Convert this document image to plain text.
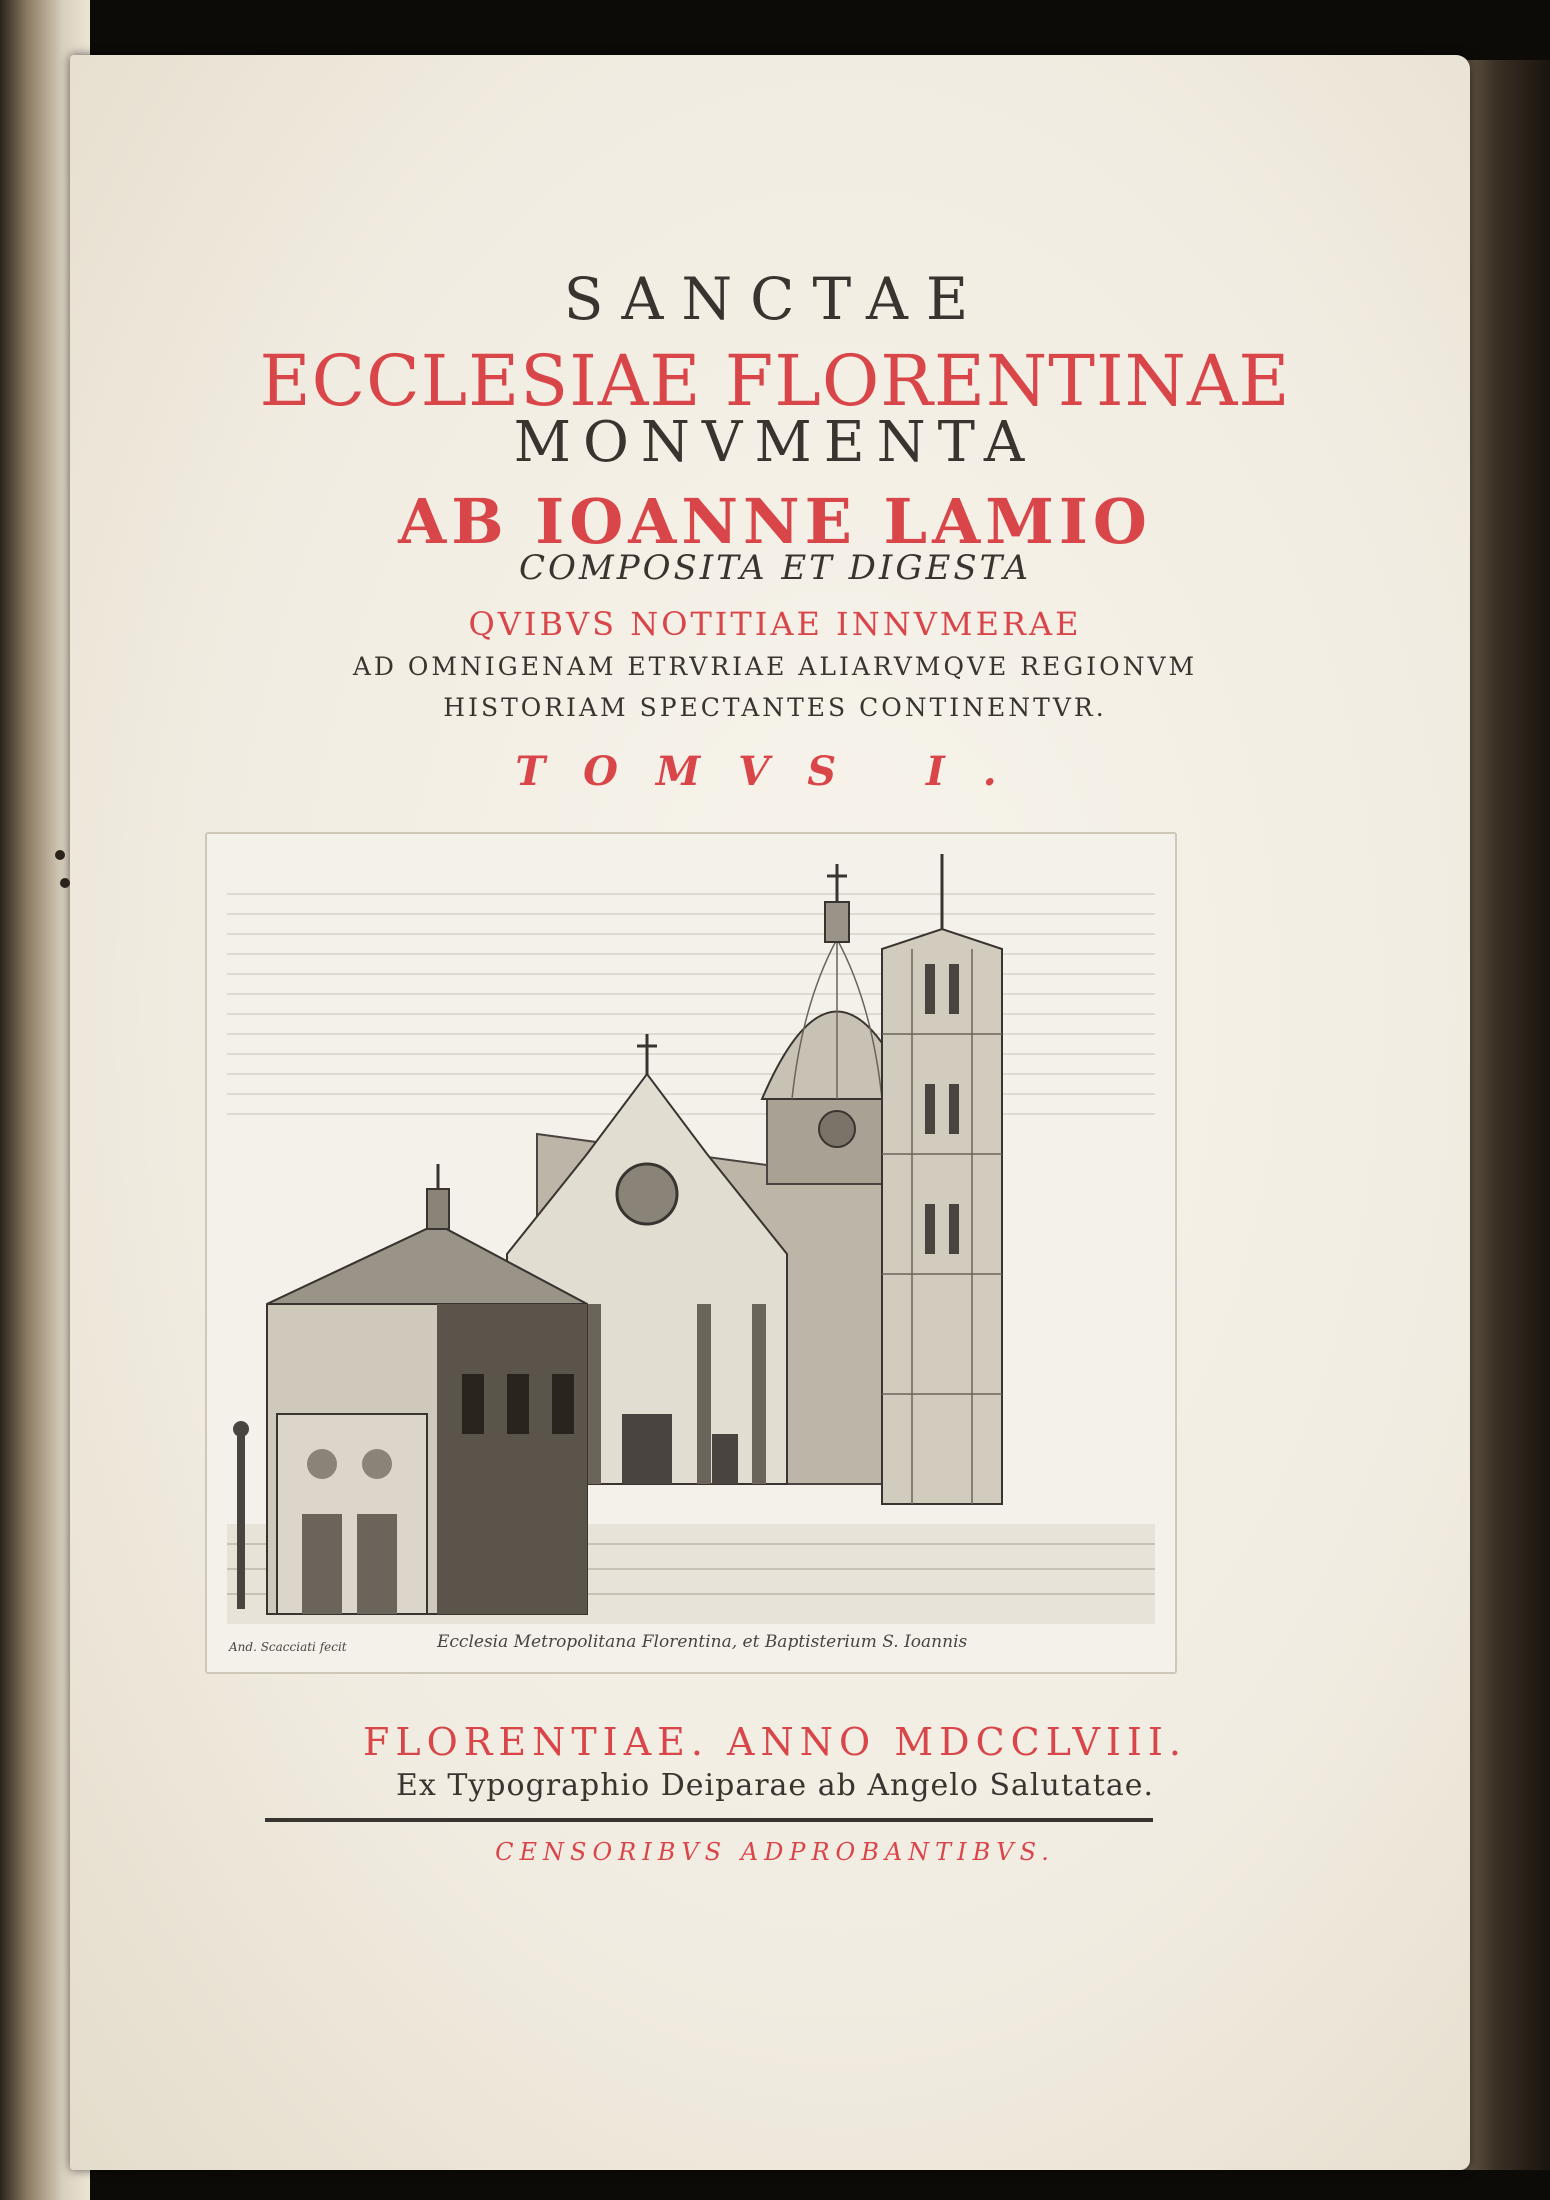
SANCTAE
ECCLESIAE FLORENTINAE
MONVMENTA
AB IOANNE LAMIO
COMPOSITA ET DIGESTA
QVIBVS NOTITIAE INNVMERAE
AD OMNIGENAM ETRVRIAE ALIARVMQVE REGIONVM
HISTORIAM SPECTANTES CONTINENTVR.
TOMVS I.
And. Scacciati fecit	Ecclesia Metropolitana Florentina, et Baptisterium S. Ioannis
FLORENTIAE. ANNO MDCCLVIII.
Ex Typographio Deiparae ab Angelo Salutatae.
CENSORIBVS ADPROBANTIBVS.
